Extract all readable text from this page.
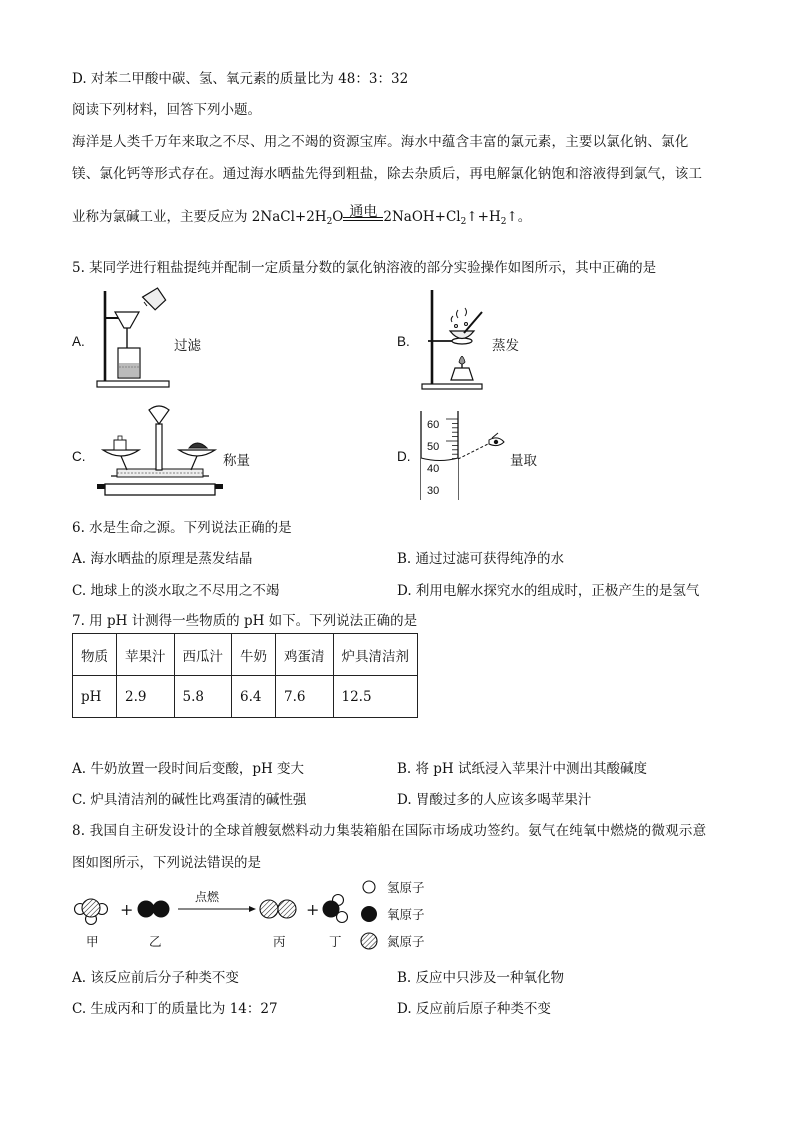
D. 对苯二甲酸中碳、氢、氧元素的质量比为 48：3：32
阅读下列材料，回答下列小题。
海洋是人类千万年来取之不尽、用之不竭的资源宝库。海水中蕴含丰富的氯元素，主要以氯化钠、氯化
镁、氯化钙等形式存在。通过海水晒盐先得到粗盐，除去杂质后，再电解氯化钠饱和溶液得到氯气，该工
业称为氯碱工业，主要反应为 $2NaCl+2H_2O$ 通电 $2NaOH+Cl_2↑+H_2↑$。
5. 某同学进行粗盐提纯并配制一定质量分数的氯化钠溶液的部分实验操作如图所示，其中正确的是
A.	过滤	B.	蒸发
C.	称量	D.	量取
60
50
40
30
6. 水是生命之源。下列说法正确的是
A. 海水晒盐的原理是蒸发结晶	B. 通过过滤可获得纯净的水
C. 地球上的淡水取之不尽用之不竭	D. 利用电解水探究水的组成时，正极产生的是氢气
7. 用 pH 计测得一些物质的 pH 如下。下列说法正确的是
物质	苹果汁	西瓜汁	牛奶	鸡蛋清	炉具清洁剂
pH	2.9	5.8	6.4	7.6	12.5
A. 牛奶放置一段时间后变酸，pH 变大	B. 将 pH 试纸浸入苹果汁中测出其酸碱度
C. 炉具清洁剂的碱性比鸡蛋清的碱性强	D. 胃酸过多的人应该多喝苹果汁
8. 我国自主研发设计的全球首艘氨燃料动力集装箱船在国际市场成功签约。氨气在纯氧中燃烧的微观示意
图如图所示，下列说法错误的是
+	+
点燃
甲	乙	丙	丁
氢原子
氧原子
氮原子
A. 该反应前后分子种类不变	B. 反应中只涉及一种氧化物
C. 生成丙和丁的质量比为 14：27	D. 反应前后原子种类不变
